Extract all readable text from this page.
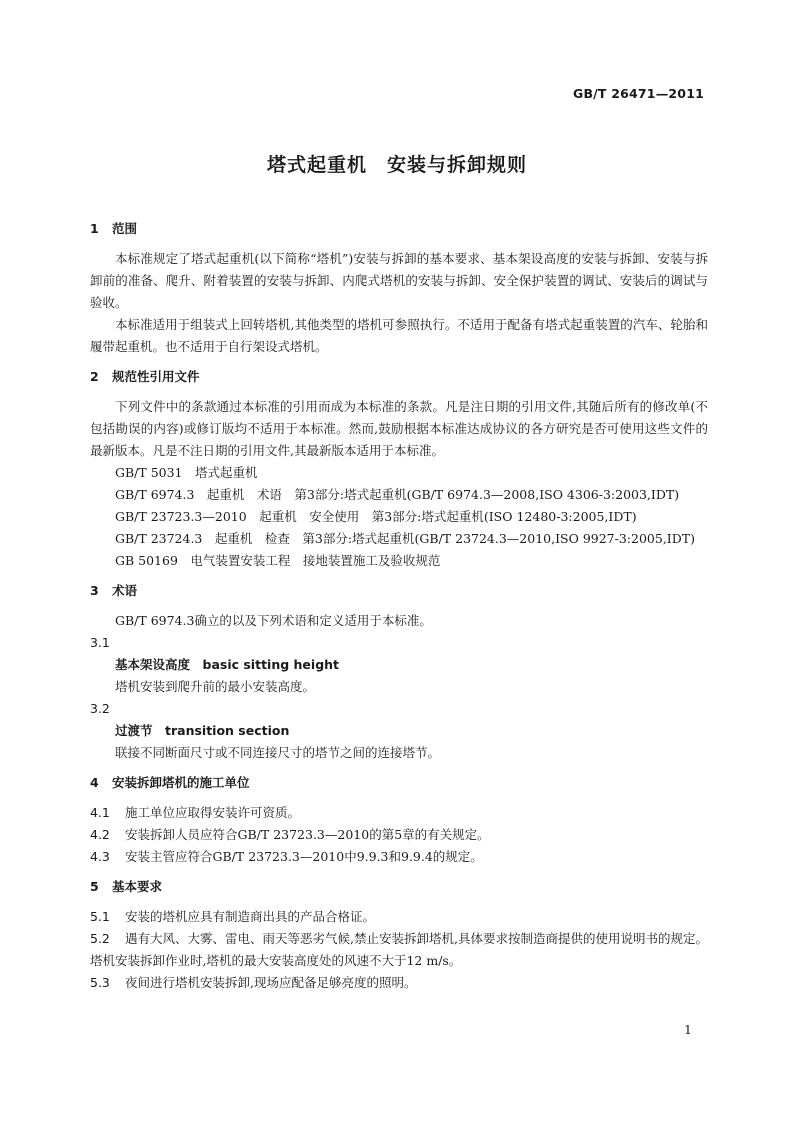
GB/T 26471—2011
塔式起重机　安装与拆卸规则
1 范围

本标准规定了塔式起重机(以下简称“塔机”)安装与拆卸的基本要求、基本架设高度的安装与拆卸、安装与拆卸前的准备、爬升、附着装置的安装与拆卸、内爬式塔机的安装与拆卸、安全保护装置的调试、安装后的调试与验收。

本标准适用于组装式上回转塔机,其他类型的塔机可参照执行。不适用于配备有塔式起重装置的汽车、轮胎和履带起重机。也不适用于自行架设式塔机。

2 规范性引用文件

下列文件中的条款通过本标准的引用而成为本标准的条款。凡是注日期的引用文件,其随后所有的修改单(不包括勘误的内容)或修订版均不适用于本标准。然而,鼓励根据本标准达成协议的各方研究是否可使用这些文件的最新版本。凡是不注日期的引用文件,其最新版本适用于本标准。

GB/T 5031　塔式起重机

GB/T 6974.3　起重机　术语　第3部分:塔式起重机(GB/T 6974.3—2008,ISO 4306-3:2003,IDT)

GB/T 23723.3—2010　起重机　安全使用　第3部分:塔式起重机(ISO 12480-3:2005,IDT)

GB/T 23724.3　起重机　检查　第3部分:塔式起重机(GB/T 23724.3—2010,ISO 9927-3:2005,IDT)

GB 50169　电气装置安装工程　接地装置施工及验收规范

3 术语

GB/T 6974.3确立的以及下列术语和定义适用于本标准。

3.1
基本架设高度　basic sitting height
塔机安装到爬升前的最小安装高度。
3.2
过渡节　transition section
联接不同断面尺寸或不同连接尺寸的塔节之间的连接塔节。
4 安装拆卸塔机的施工单位

4.1 施工单位应取得安装许可资质。

4.2 安装拆卸人员应符合GB/T 23723.3—2010的第5章的有关规定。

4.3 安装主管应符合GB/T 23723.3—2010中9.9.3和9.9.4的规定。

5 基本要求

5.1 安装的塔机应具有制造商出具的产品合格证。

5.2 遇有大风、大雾、雷电、雨天等恶劣气候,禁止安装拆卸塔机,具体要求按制造商提供的使用说明书的规定。塔机安装拆卸作业时,塔机的最大安装高度处的风速不大于12 m/s。

5.3 夜间进行塔机安装拆卸,现场应配备足够亮度的照明。

1
